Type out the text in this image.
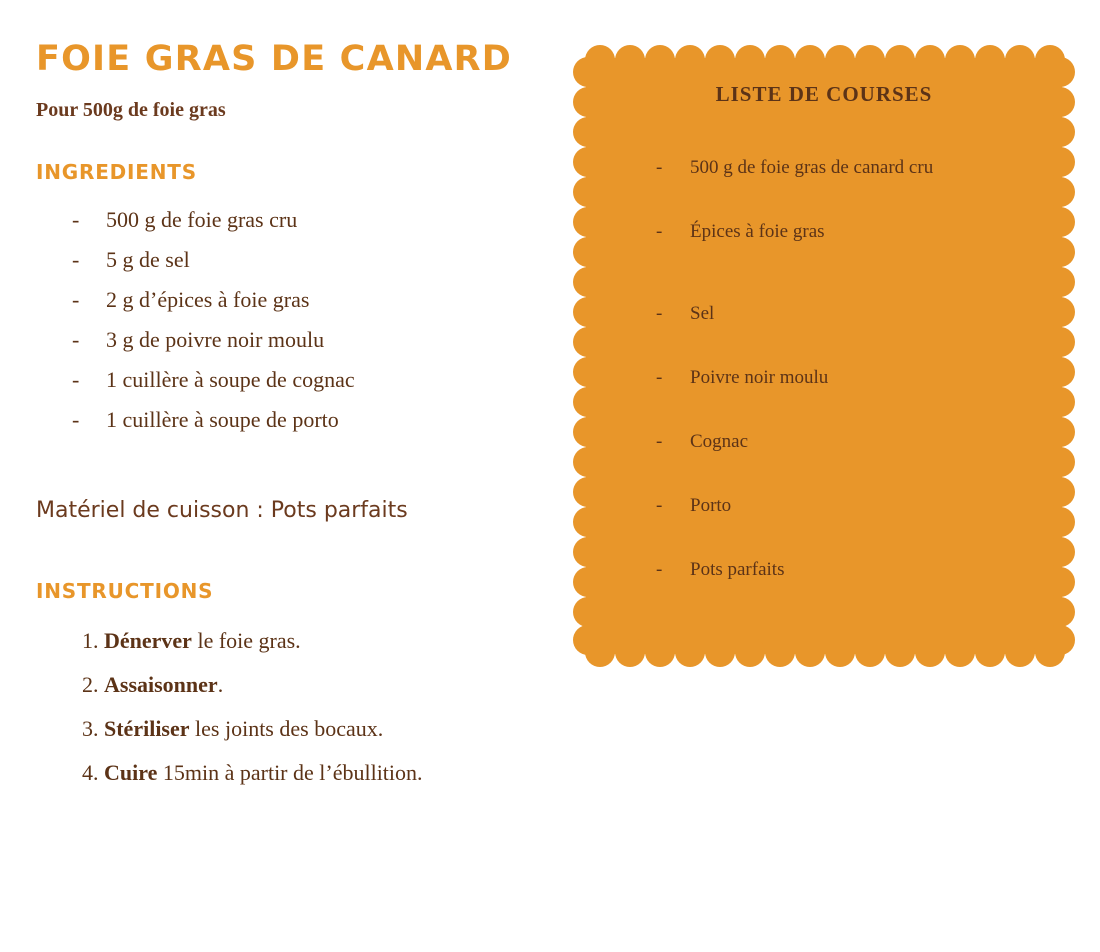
FOIE GRAS DE CANARD
Pour 500g de foie gras
INGREDIENTS
- 500 g de foie gras cru
- 5 g de sel
- 2 g d’épices à foie gras
- 3 g de poivre noir moulu
- 1 cuillère à soupe de cognac
- 1 cuillère à soupe de porto
Matériel de cuisson : Pots parfaits
INSTRUCTIONS
1. Dénerver le foie gras.
2. Assaisonner.
3. Stériliser les joints des bocaux.
4. Cuire 15min à partir de l’ébullition.
LISTE DE COURSES
- 500 g de foie gras de canard cru
- Épices à foie gras
- Sel
- Poivre noir moulu
- Cognac
- Porto
- Pots parfaits
